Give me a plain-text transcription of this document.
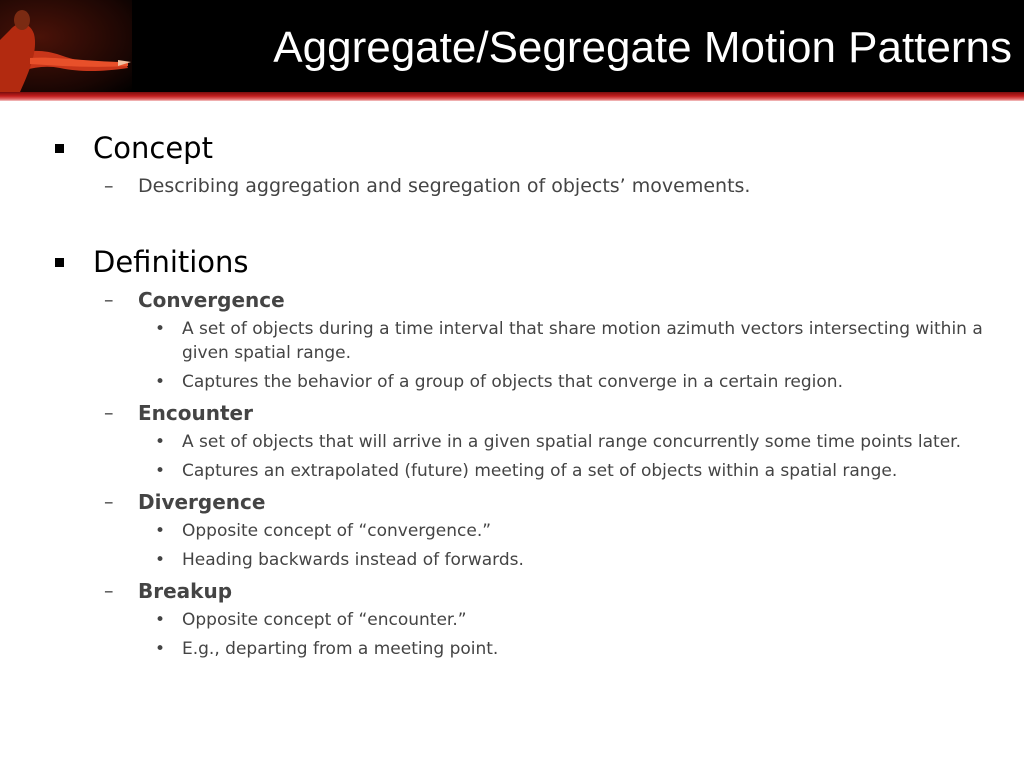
Aggregate/Segregate Motion Patterns
Concept
– Describing aggregation and segregation of objects’ movements.
Definitions
– Convergence
• A set of objects during a time interval that share motion azimuth vectors intersecting within a given spatial range.
• Captures the behavior of a group of objects that converge in a certain region.
– Encounter
• A set of objects that will arrive in a given spatial range concurrently some time points later.
• Captures an extrapolated (future) meeting of a set of objects within a spatial range.
– Divergence
• Opposite concept of “convergence.”
• Heading backwards instead of forwards.
– Breakup
• Opposite concept of “encounter.”
• E.g., departing from a meeting point.
